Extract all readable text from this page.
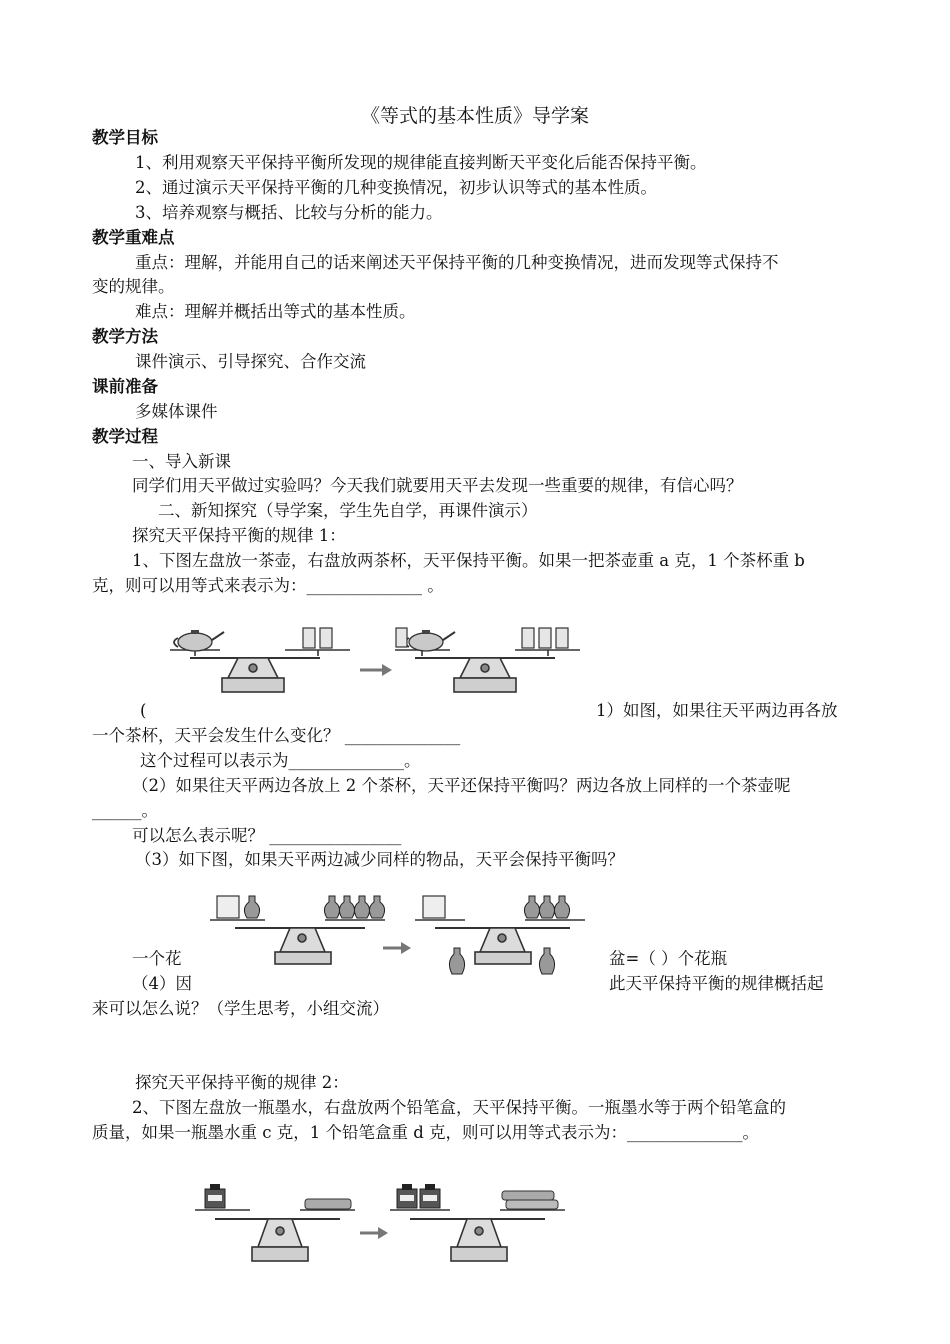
《等式的基本性质》导学案
教学目标
1、利用观察天平保持平衡所发现的规律能直接判断天平变化后能否保持平衡。
2、通过演示天平保持平衡的几种变换情况，初步认识等式的基本性质。
3、培养观察与概括、比较与分析的能力。
教学重难点
重点：理解，并能用自己的话来阐述天平保持平衡的几种变换情况，进而发现等式保持不
变的规律。
难点：理解并概括出等式的基本性质。
教学方法
课件演示、引导探究、合作交流
课前准备
多媒体课件
教学过程
一、导入新课
同学们用天平做过实验吗？今天我们就要用天平去发现一些重要的规律，有信心吗？
二、新知探究（导学案，学生先自学，再课件演示）
探究天平保持平衡的规律 1：
1、下图左盘放一茶壶，右盘放两茶杯，天平保持平衡。如果一把茶壶重 a 克，1 个茶杯重 b
克，则可以用等式来表示为：______________ 。
(	1）如图，如果往天平两边再各放
一个茶杯，天平会发生什么变化？ ______________
这个过程可以表示为______________。
（2）如果往天平两边各放上 2 个茶杯，天平还保持平衡吗？两边各放上同样的一个茶壶呢
______。
可以怎么表示呢？ ________________
（3）如下图，如果天平两边减少同样的物品，天平会保持平衡吗？
一个花	盆=（ ）个花瓶
（4）因	此天平保持平衡的规律概括起
来可以怎么说？（学生思考，小组交流）
探究天平保持平衡的规律 2：
2、下图左盘放一瓶墨水，右盘放两个铅笔盒，天平保持平衡。一瓶墨水等于两个铅笔盒的
质量，如果一瓶墨水重 c 克，1 个铅笔盒重 d 克，则可以用等式表示为：______________。
